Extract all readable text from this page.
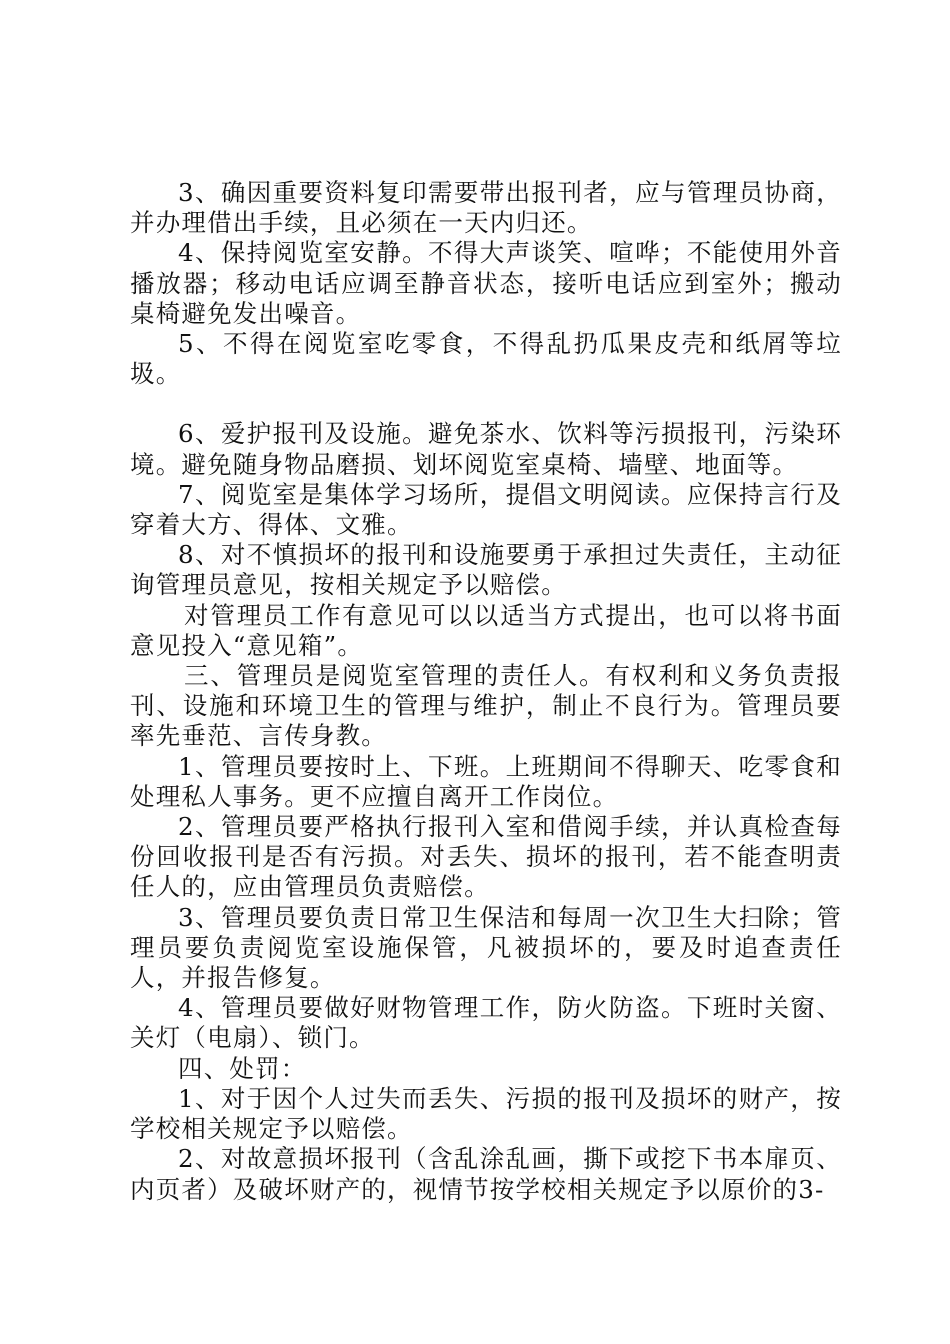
3、确因重要资料复印需要带出报刊者，应与管理员协商，并办理借出手续，且必须在一天内归还。

4、保持阅览室安静。不得大声谈笑、喧哗；不能使用外音播放器；移动电话应调至静音状态，接听电话应到室外；搬动桌椅避免发出噪音。

5、不得在阅览室吃零食，不得乱扔瓜果皮壳和纸屑等垃圾。

6、爱护报刊及设施。避免茶水、饮料等污损报刊，污染环境。避免随身物品磨损、划坏阅览室桌椅、墙壁、地面等。

7、阅览室是集体学习场所，提倡文明阅读。应保持言行及穿着大方、得体、文雅。

8、对不慎损坏的报刊和设施要勇于承担过失责任，主动征询管理员意见，按相关规定予以赔偿。

对管理员工作有意见可以以适当方式提出，也可以将书面意见投入“意见箱”。

三、管理员是阅览室管理的责任人。有权利和义务负责报刊、设施和环境卫生的管理与维护，制止不良行为。管理员要率先垂范、言传身教。

1、管理员要按时上、下班。上班期间不得聊天、吃零食和处理私人事务。更不应擅自离开工作岗位。

2、管理员要严格执行报刊入室和借阅手续，并认真检查每份回收报刊是否有污损。对丢失、损坏的报刊，若不能查明责任人的，应由管理员负责赔偿。

3、管理员要负责日常卫生保洁和每周一次卫生大扫除；管理员要负责阅览室设施保管，凡被损坏的，要及时追查责任人，并报告修复。

4、管理员要做好财物管理工作，防火防盗。下班时关窗、关灯（电扇）、锁门。

四、处罚：

1、对于因个人过失而丢失、污损的报刊及损坏的财产，按学校相关规定予以赔偿。

2、对故意损坏报刊（含乱涂乱画，撕下或挖下书本扉页、内页者）及破坏财产的，视情节按学校相关规定予以原价的3-
